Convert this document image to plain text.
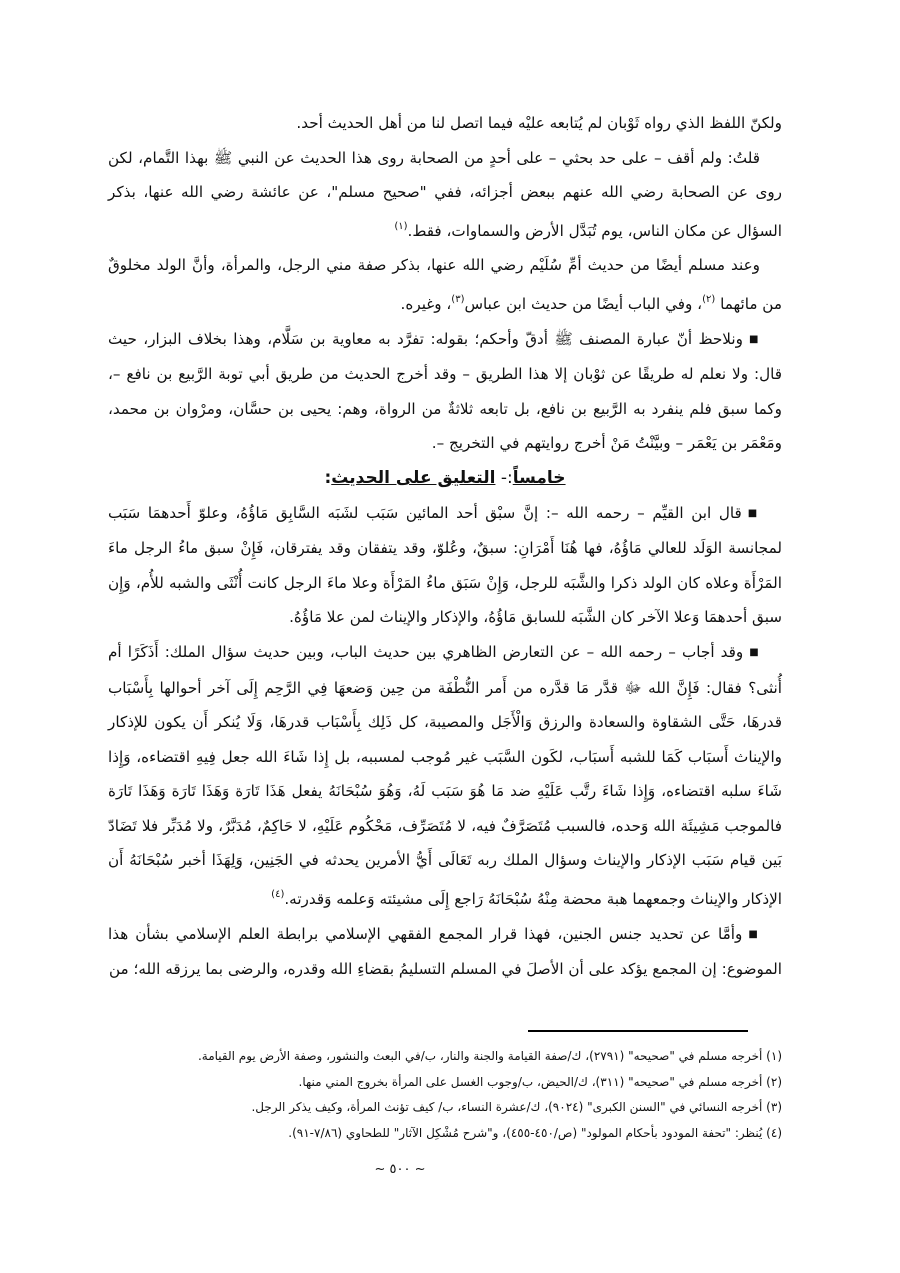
ولكنّ اللفظ الذي رواه ثَوْبان لم يُتابعه عليْه فيما اتصل لنا من أهل الحديث أحد.

قلتُ: ولم أقف – على حد بحثي – على أحدٍ من الصحابة روى هذا الحديث عن النبي ﷺ بهذا التَّمام، لكن روى عن الصحابة رضي الله عنهم ببعض أجزائه، ففي "صحيح مسلم"، عن عائشة رضي الله عنها، بذكر السؤال عن مكان الناس، يوم تُبَدَّل الأرض والسماوات، فقط.$^{(١)}$

وعند مسلم أيضًا من حديث أمِّ سُلَيْم رضي الله عنها، بذكر صفة مني الرجل، والمرأة، وأنَّ الولد مخلوقٌ من مائهما $^{(٢)}$، وفي الباب أيضًا من حديث ابن عباس$^{(٣)}$، وغيره.

■ونلاحظ أنّ عبارة المصنف ﷺ أدقّ وأحكم؛ بقوله: تفرَّد به معاوية بن سَلَّام، وهذا بخلاف البزار، حيث قال: ولا نعلم له طريقًا عن ثوْبان إلا هذا الطريق – وقد أخرج الحديث من طريق أبي توبة الرَّبيع بن نافع –، وكما سبق فلم ينفرد به الرَّبيع بن نافع، بل تابعه ثلاثةٌ من الرواة، وهم: يحيى بن حسَّان، ومرْوان بن محمد، ومَعْمَر بن يَعْمَر – وبيَّنْتُ مَنْ أخرج روايتهم في التخريج –.

خامساً:- التعليق على الحديث:

■قال ابن القيِّم – رحمه الله –: إنَّ سبْق أحد المائين سَبَب لشَبَه السَّابِق مَاؤُهُ، وعلوّ أَحدهمَا سَبَب لمجانسة الوَلَد للعالي مَاؤُهُ، فها هُنَا أَمْرَانِ: سبقٌ، وعُلوّ، وقد يتفقان وقد يفترقان، فَإِنْ سبق ماءُ الرجل ماءَ المَرْأَة وعلاه كان الولد ذكرا والشَّبَه للرجل، وَإِنْ سَبَق ماءُ المَرْأَة وعلا ماءَ الرجل كانت أُنْثَى والشبه للأُم، وَإِن سبق أحدهمَا وَعلا الآخر كان الشَّبَه للسابق مَاؤُهُ، والإذكار والإيناث لمن علا مَاؤُهُ.

■وقد أجاب – رحمه الله – عن التعارض الظاهري بين حديث الباب، وبين حديث سؤال الملك: أَذَكَرًا أم أُنثى؟ فقال: فَإِنَّ الله ﷻ قدَّر مَا قدَّره من أَمر النُّطْفَة من حِين وَضعهَا فِي الرَّحِم إِلَى آخر أحوالها بِأَسْبَاب قدرهَا، حَتَّى الشقاوة والسعادة والرزق وَالْأَجَل والمصيبة، كل ذَلِك بِأَسْبَاب قدرهَا، وَلَا يُنكر أَن يكون للإذكار والإيناث أَسبَاب كَمَا للشبه أَسبَاب، لكَون السَّبَب غير مُوجب لمسببه، بل إِذا شَاءَ الله جعل فِيهِ اقتضاءه، وَإِذا شَاءَ سلبه اقتضاءه، وَإِذا شَاءَ رتَّب عَلَيْهِ ضد مَا هُوَ سَبَب لَهُ، وَهُوَ سُبْحَانَهُ يفعل هَذَا تَارَة وَهَذَا تَارَة وَهَذَا تَارَة فالموجب مَشِيئَة الله وَحده، فالسبب مُتَصَرَّفٌ فيه، لا مُتَصَرِّف، مَحْكُوم عَلَيْهِ، لا حَاكِمٌ، مُدَبَّرٌ، ولا مُدَبِّر فلا تَضَادّ بَين قيام سَبَب الإذكار والإيناث وسؤال الملك ربه تَعَالَى أَيُّ الأمرين يحدثه في الجَنِين، وَلِهَذَا أخبر سُبْحَانَهُ أَن الإذكار والإيناث وجمعهما هبة محضة مِنْهُ سُبْحَانَهُ رَاجع إِلَى مشيئته وَعلمه وَقدرته.$^{(٤)}$

■وأمَّا عن تحديد جنس الجنين، فهذا قرار المجمع الفقهي الإسلامي برابطة العلم الإسلامي بشأن هذا الموضوع: إن المجمع يؤكد على أن الأصلَ في المسلم التسليمُ بقضاءِ الله وقدره، والرضى بما يرزقه الله؛ من

(١) أخرجه مسلم في "صحيحه" (٢٧٩١)، ك/صفة القيامة والجنة والنار، ب/في البعث والنشور، وصفة الأرض يوم القيامة.
(٢) أخرجه مسلم في "صحيحه" (٣١١)، ك/الحيض، ب/وجوب الغسل على المرأة بخروج المني منها.
(٣) أخرجه النسائي في "السنن الكبرى" (٩٠٢٤)، ك/عشرة النساء، ب/ كيف تؤنث المرأة، وكيف يذكر الرجل.
(٤) يُنظر: "تحفة المودود بأحكام المولود" (ص/٤٥٠-٤٥٥)، و"شرح مُشْكِل الآثار" للطحاوي (٧/٨٦-٩١).
~ ٥٠٠ ~
